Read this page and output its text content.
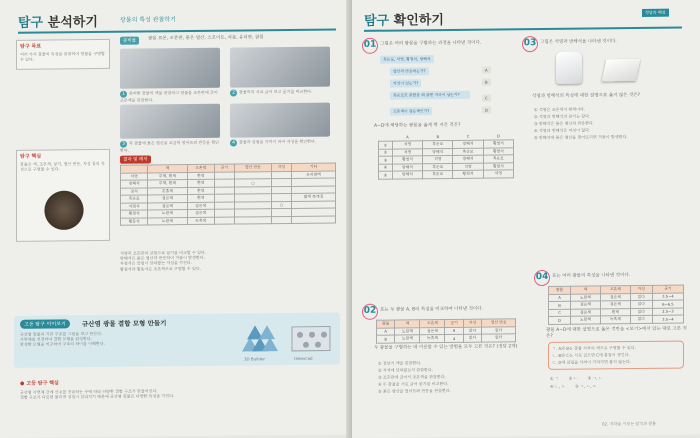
탐구 분석하기	광물의 특성 관찰하기
준비물	광물 표본, 조흔판, 묽은 염산, 스포이트, 쇠못, 유리판, 클립
탐구 목표
여러 가지 광물의 특성을 관찰하여 광물을 구별할 수 있다.
1 준비한 광물의 색을 관찰하고 광물을 조흔판에 긁어 조흔색을 관찰한다.
2 광물끼리 서로 긁어 보고 굳기를 비교한다.
3 각 광물에 묽은 염산을 조금씩 떨어뜨려 반응을 확인한다.
4 광물과 클립을 가까이 하여 자성을 확인한다.
탐구 핵심
광물은 색, 조흔색, 굳기, 염산 반응, 자성 등의 특성으로 구별할 수 있다.
결과 및 해석
	색	조흔색	굳기	염산 반응	자성	기타
석영	무색, 흰색	흰색				유리광택
방해석	무색, 흰색	흰색		○		
장석	분홍색	흰색				
흑운모	검은색	흰색				얇게 쪼개짐
자철석	검은색	검은색			○	
황철석	노란색	검은색				
황동석	노란색	녹흑색				
석영과 조흔판의 긁힘으로 굳기를 비교할 수 있다.
방해석은 묽은 염산과 반응하여 거품이 발생한다.
자철석은 클립이 달라붙는 자성을 가진다.
황철석과 황동석은 조흔색으로 구별할 수 있다.
고등 탐구 이어보기	규산염 광물 결합 모형 만들기
규산염 광물의 기본 구조를 그림을 보고 만든다.
사면체를 연결하여 결합 모형을 완성한다.
완성한 모형을 비교하여 구조의 차이를 이해한다.
3D Builder	tinkercad
● 고등 탐구 핵심
규산염 사면체 간에 산소를 공유하는 수에 따라 다양한 결합 구조가 만들어진다.
결합 구조가 다르면 물리적 성질이 달라지기 때문에 규산염 광물은 다양한 특성을 가진다.
탐구 확인하기
정답과 해설
01 그림은 여러 광물을 구별하는 과정을 나타낸 것이다.
흑운모, 석영, 황철석, 방해석
염산과 반응하는가?
자성이 있는가?
흑운모로 긁혔을 때 긁힌 자국이 남는가?
조흔색이 검은색인가?
A
B
C
D
A~D에 해당하는 광물을 옳게 짝 지은 것은?
	A	B	C	D
①	석영	흑운모	방해석	황철석
②	석영	방해석	흑운모	황철석
③	황철석	석영	방해석	흑운모
④	방해석	흑운모	석영	황철석
⑤	방해석	흑운모	황철석	석영
03 그림은 석영과 방해석을 나타낸 것이다.
석영과 방해석의 특성에 대한 설명으로 옳지 않은 것은?
① 석영은 조흔색이 흰색이다.
② 석영과 방해석의 굳기는 같다.
③ 방해석은 묽은 염산과 반응한다.
④ 석영과 방해석은 자성이 없다.
⑤ 방해석에 묽은 염산을 떨어뜨리면 거품이 발생한다.
02 표는 두 광물 A, B의 특징을 비교하여 나타낸 것이다.
광물	색	조흔색	굳기	자성	염산 반응
A	노란색	검은색	6	없다	없다
B	노란색	녹흑색	4	없다	없다
두 광물을 구별하는 데 이용할 수 있는 방법을 모두 고른 것은? (정답 2개)
① 겉보기 색을 관찰한다.
② 자석에 달라붙는지 관찰한다.
③ 조흔판에 긁어서 조흔색을 관찰한다.
④ 두 광물을 서로 긁어 굳기를 비교한다.
⑤ 묽은 염산을 떨어뜨려 반응을 관찰한다.
04 표는 여러 광물의 특성을 나타낸 것이다.
광물	색	조흔색	자성	굳기
A	노란색	검은색	없다	3.5~4
B	검은색	검은색	있다	6~6.5
C	검은색	흰색	없다	2.5~3
D	노란색	녹흑색	없다	3.5~4
광물 A~D에 대한 설명으로 옳은 것만을 <보기>에서 있는 대로 고른 것은?
ㄱ. A와 B는 광물 가루의 색으로 구별할 수 있다.
ㄴ. B와 C는 서로 긁으면 C에 흠집이 생긴다.
ㄷ. D에 클립을 가까이 가져가면 붙지 않는다.
① ㄱ	② ㄴ	③ ㄱ, ㄴ
④ ㄴ, ㄷ	⑤ ㄱ, ㄴ, ㄷ
02. 지각을 이루는 암석과 광물
